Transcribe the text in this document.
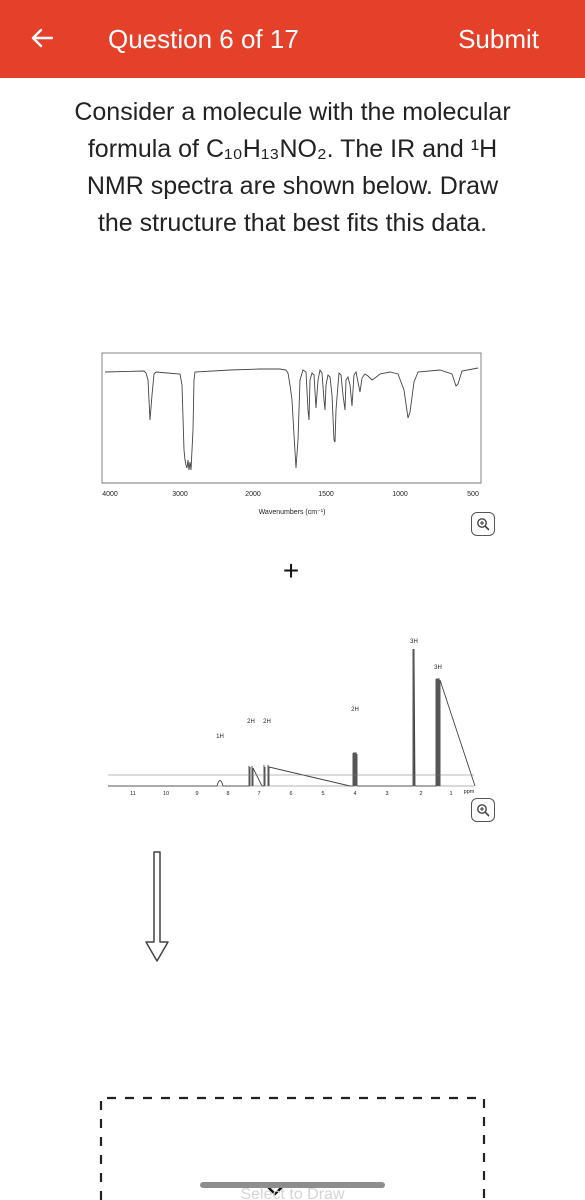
Question 6 of 17	Submit
Consider a molecule with the molecular
formula of C₁₀H₁₃NO₂. The IR and ¹H
NMR spectra are shown below. Draw
the structure that best fits this data.
4000	3000	2000	1500	1000	500
Wavenumbers (cm⁻¹)
+
1H
2H 2H
2H
3H
3H
11	10	9	8	7	6	5	4	3	2	1 ppm
Select to Draw
